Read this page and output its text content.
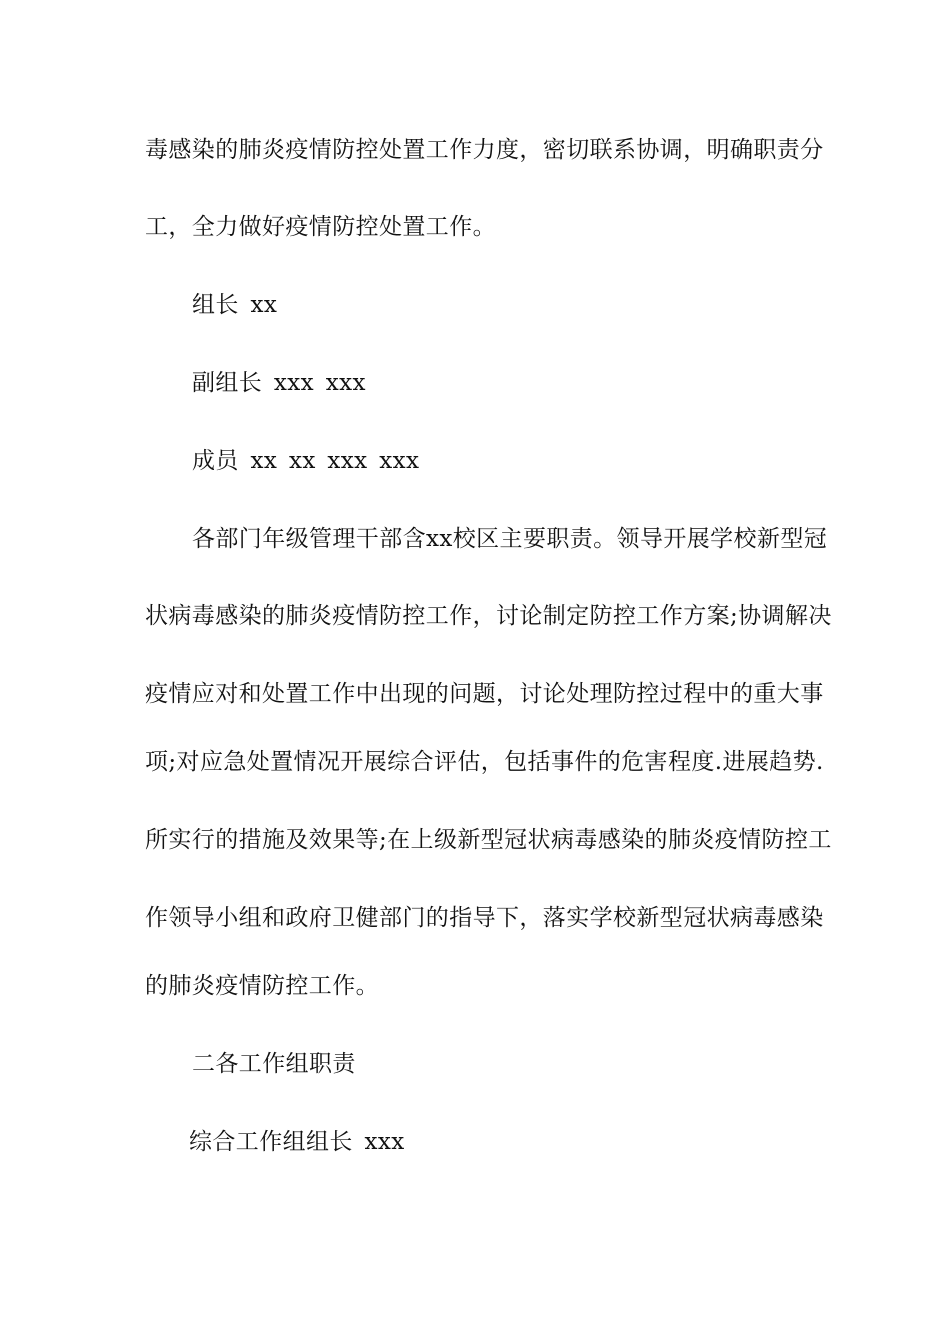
毒感染的肺炎疫情防控处置工作力度，密切联系协调，明确职责分
工，全力做好疫情防控处置工作。
组长 xx
副组长 xxx xxx
成员 xx xx xxx xxx
各部门年级管理干部含xx校区主要职责。领导开展学校新型冠
状病毒感染的肺炎疫情防控工作，讨论制定防控工作方案;协调解决
疫情应对和处置工作中出现的问题，讨论处理防控过程中的重大事
项;对应急处置情况开展综合评估，包括事件的危害程度.进展趋势.
所实行的措施及效果等;在上级新型冠状病毒感染的肺炎疫情防控工
作领导小组和政府卫健部门的指导下，落实学校新型冠状病毒感染
的肺炎疫情防控工作。
二各工作组职责
综合工作组组长 xxx
